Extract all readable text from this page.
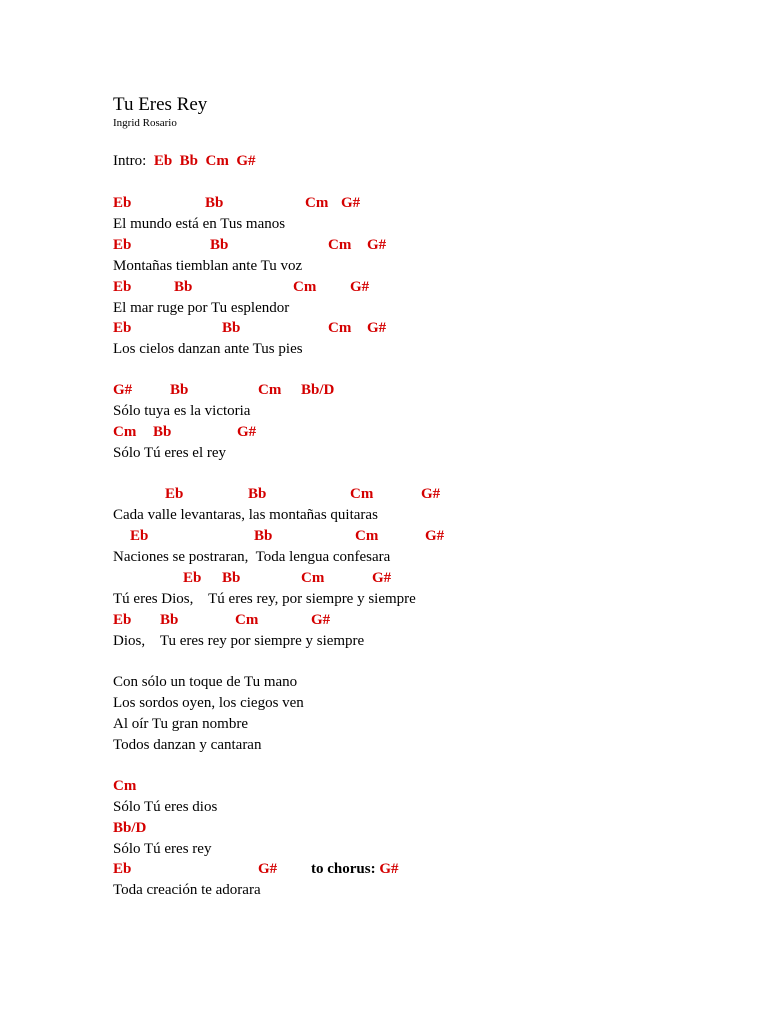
Tu Eres Rey
Ingrid Rosario
Intro: Eb  Bb  Cm  G#
Eb	Bb	Cm G#
El mundo está en Tus manos
Eb	Bb	Cm G#
Montañas tiemblan ante Tu voz
Eb	Bb	Cm G#
El mar ruge por Tu esplendor
Eb	Bb	Cm G#
Los cielos danzan ante Tus pies
G#	Bb	Cm Bb/D
Sólo tuya es la victoria
Cm Bb	G#
Sólo Tú eres el rey
Eb	Bb	Cm	G#
Cada valle levantaras, las montañas quitaras
Eb	Bb	Cm	G#
Naciones se postraran,  Toda lengua confesara
Eb Bb	Cm	G#
Tú eres Dios,    Tú eres rey, por siempre y siempre
Eb Bb	Cm	G#
Dios,    Tu eres rey por siempre y siempre
Con sólo un toque de Tu mano
Los sordos oyen, los ciegos ven
Al oír Tu gran nombre
Todos danzan y cantaran
Cm
Sólo Tú eres dios
Bb/D
Sólo Tú eres rey
Eb	G# to chorus: G#
Toda creación te adorara
